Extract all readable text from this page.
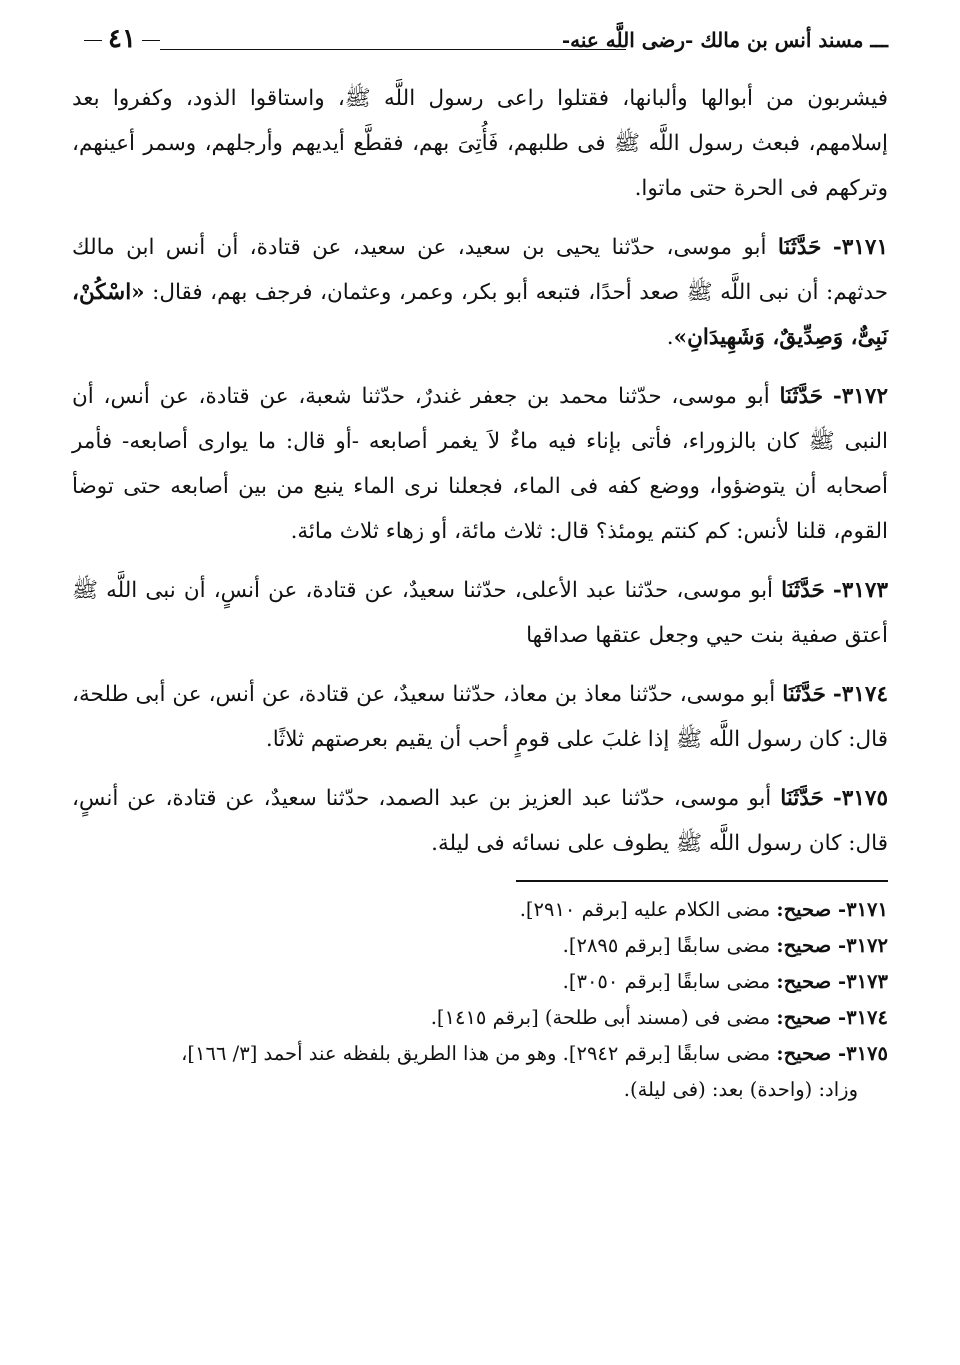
ـــ مسند أنس بن مالك -رضى اللَّه عنه-
٤١

فيشربون من أبوالها وألبانها، فقتلوا راعى رسول اللَّه ﷺ، واستاقوا الذود، وكفروا بعد إسلامهم، فبعث رسول اللَّه ﷺ فى طلبهم، فَأُتِىَ بهم، فقطَّع أيديهم وأرجلهم، وسمر أعينهم، وتركهم فى الحرة حتى ماتوا.

٣١٧١- حَدَّثَنَا أبو موسى، حدّثنا يحيى بن سعيد، عن سعيد، عن قتادة، أن أنس ابن مالك حدثهم: أن نبى اللَّه ﷺ صعد أحدًا، فتبعه أبو بكر، وعمر، وعثمان، فرجف بهم، فقال: «اسْكُنْ، نَبِىٌّ، وَصِدِّيقٌ، وَشَهِيدَانِ».

٣١٧٢- حَدَّثَنَا أبو موسى، حدّثنا محمد بن جعفر غندرٌ، حدّثنا شعبة، عن قتادة، عن أنس، أن النبى ﷺ كان بالزوراء، فأتى بإناء فيه ماءٌ لاَ يغمر أصابعه -أو قال: ما يوارى أصابعه- فأمر أصحابه أن يتوضؤوا، ووضع كفه فى الماء، فجعلنا نرى الماء ينبع من بين أصابعه حتى توضأ القوم، قلنا لأنس: كم كنتم يومئذ؟ قال: ثلاث مائة، أو زهاء ثلاث مائة.

٣١٧٣- حَدَّثَنَا أبو موسى، حدّثنا عبد الأعلى، حدّثنا سعيدٌ، عن قتادة، عن أنسٍ، أن نبى اللَّه ﷺ أعتق صفية بنت حيي وجعل عتقها صداقها

٣١٧٤- حَدَّثَنَا أبو موسى، حدّثنا معاذ بن معاذ، حدّثنا سعيدٌ، عن قتادة، عن أنس، عن أبى طلحة، قال: كان رسول اللَّه ﷺ إذا غلبَ على قومٍ أحب أن يقيم بعرصتهم ثلاثًا.

٣١٧٥- حَدَّثَنَا أبو موسى، حدّثنا عبد العزيز بن عبد الصمد، حدّثنا سعيدٌ، عن قتادة، عن أنسٍ، قال: كان رسول اللَّه ﷺ يطوف على نسائه فى ليلة.

٣١٧١- صحيح: مضى الكلام عليه [برقم ٢٩١٠].

٣١٧٢- صحيح: مضى سابقًا [برقم ٢٨٩٥].

٣١٧٣- صحيح: مضى سابقًا [برقم ٣٠٥٠].

٣١٧٤- صحيح: مضى فى (مسند أبى طلحة) [برقم ١٤١٥].

٣١٧٥- صحيح: مضى سابقًا [برقم ٢٩٤٢]. وهو من هذا الطريق بلفظه عند أحمد [٣/ ١٦٦]،
وزاد: (واحدة) بعد: (فى ليلة).
